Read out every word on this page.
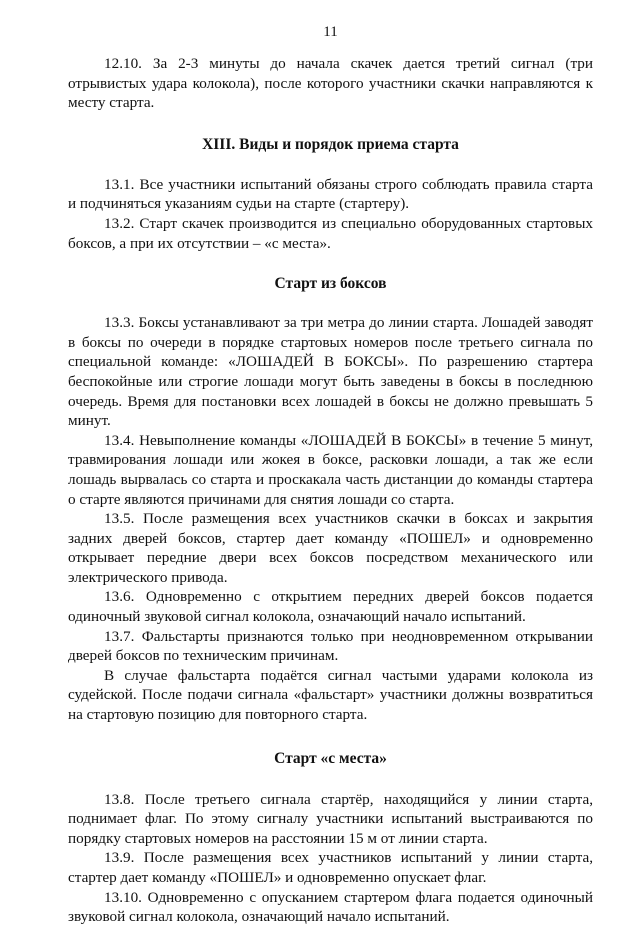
11

12.10. За 2-3 минуты до начала скачек дается третий сигнал (три отрывистых удара колокола), после которого участники скачки направляются к месту старта.

XIII. Виды и порядок приема старта

13.1. Все участники испытаний обязаны строго соблюдать правила старта и подчиняться указаниям судьи на старте (стартеру).

13.2. Старт скачек производится из специально оборудованных стартовых боксов, а при их отсутствии – «с места».

Старт из боксов

13.3. Боксы устанавливают за три метра до линии старта. Лошадей заводят в боксы по очереди в порядке стартовых номеров после третьего сигнала по специальной команде: «ЛОШАДЕЙ В БОКСЫ». По разрешению стартера беспокойные или строгие лошади могут быть заведены в боксы в последнюю очередь. Время для постановки всех лошадей в боксы не должно превышать 5 минут.

13.4. Невыполнение команды «ЛОШАДЕЙ В БОКСЫ» в течение 5 минут, травмирования лошади или жокея в боксе, расковки лошади, а так же если лошадь вырвалась со старта и проскакала часть дистанции до команды стартера о старте являются причинами для снятия лошади со старта.

13.5. После размещения всех участников скачки в боксах и закрытия задних дверей боксов, стартер дает команду «ПОШЕЛ» и одновременно открывает передние двери всех боксов посредством механического или электрического привода.

13.6. Одновременно с открытием передних дверей боксов подается одиночный звуковой сигнал колокола, означающий начало испытаний.

13.7. Фальстарты признаются только при неодновременном открывании дверей боксов по техническим причинам.

В случае фальстарта подаётся сигнал частыми ударами колокола из судейской. После подачи сигнала «фальстарт» участники должны возвратиться на стартовую позицию для повторного старта.

Старт «с места»

13.8. После третьего сигнала стартёр, находящийся у линии старта, поднимает флаг. По этому сигналу участники испытаний выстраиваются по порядку стартовых номеров на расстоянии 15 м от линии старта.

13.9. После размещения всех участников испытаний у линии старта, стартер дает команду «ПОШЕЛ» и одновременно опускает флаг.

13.10. Одновременно с опусканием стартером флага подается одиночный звуковой сигнал колокола, означающий начало испытаний.
